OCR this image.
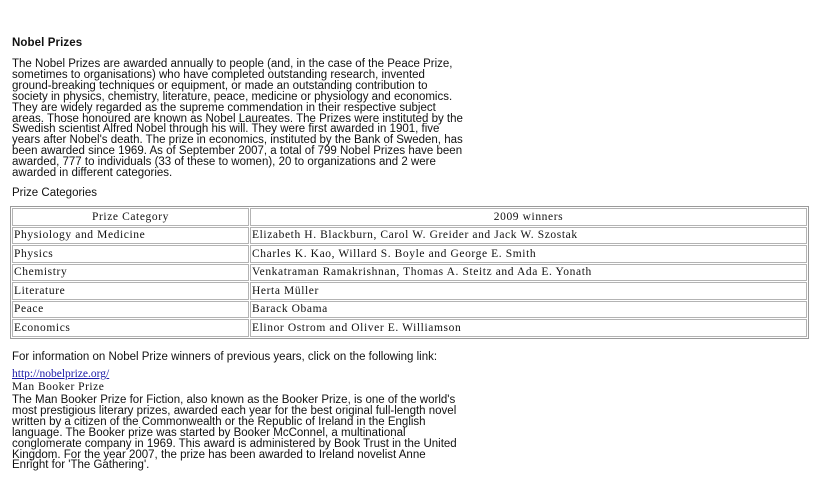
Nobel Prizes
The Nobel Prizes are awarded annually to people (and, in the case of the Peace Prize,
sometimes to organisations) who have completed outstanding research, invented
ground-breaking techniques or equipment, or made an outstanding contribution to
society in physics, chemistry, literature, peace, medicine or physiology and economics.
They are widely regarded as the supreme commendation in their respective subject
areas. Those honoured are known as Nobel Laureates. The Prizes were instituted by the
Swedish scientist Alfred Nobel through his will. They were first awarded in 1901, five
years after Nobel's death. The prize in economics, instituted by the Bank of Sweden, has
been awarded since 1969. As of September 2007, a total of 799 Nobel Prizes have been
awarded, 777 to individuals (33 of these to women), 20 to organizations and 2 were
awarded in different categories.
Prize Categories
Prize Category	2009 winners
Physiology and Medicine	Elizabeth H. Blackburn, Carol W. Greider and Jack W. Szostak
Physics	Charles K. Kao, Willard S. Boyle and George E. Smith
Chemistry	Venkatraman Ramakrishnan, Thomas A. Steitz and Ada E. Yonath
Literature	Herta Müller
Peace	Barack Obama
Economics	Elinor Ostrom and Oliver E. Williamson
For information on Nobel Prize winners of previous years, click on the following link:
http://nobelprize.org/
Man Booker Prize
The Man Booker Prize for Fiction, also known as the Booker Prize, is one of the world's
most prestigious literary prizes, awarded each year for the best original full-length novel
written by a citizen of the Commonwealth or the Republic of Ireland in the English
language. The Booker prize was started by Booker McConnel, a multinational
conglomerate company in 1969. This award is administered by Book Trust in the United
Kingdom. For the year 2007, the prize has been awarded to Ireland novelist Anne
Enright for 'The Gathering'.
